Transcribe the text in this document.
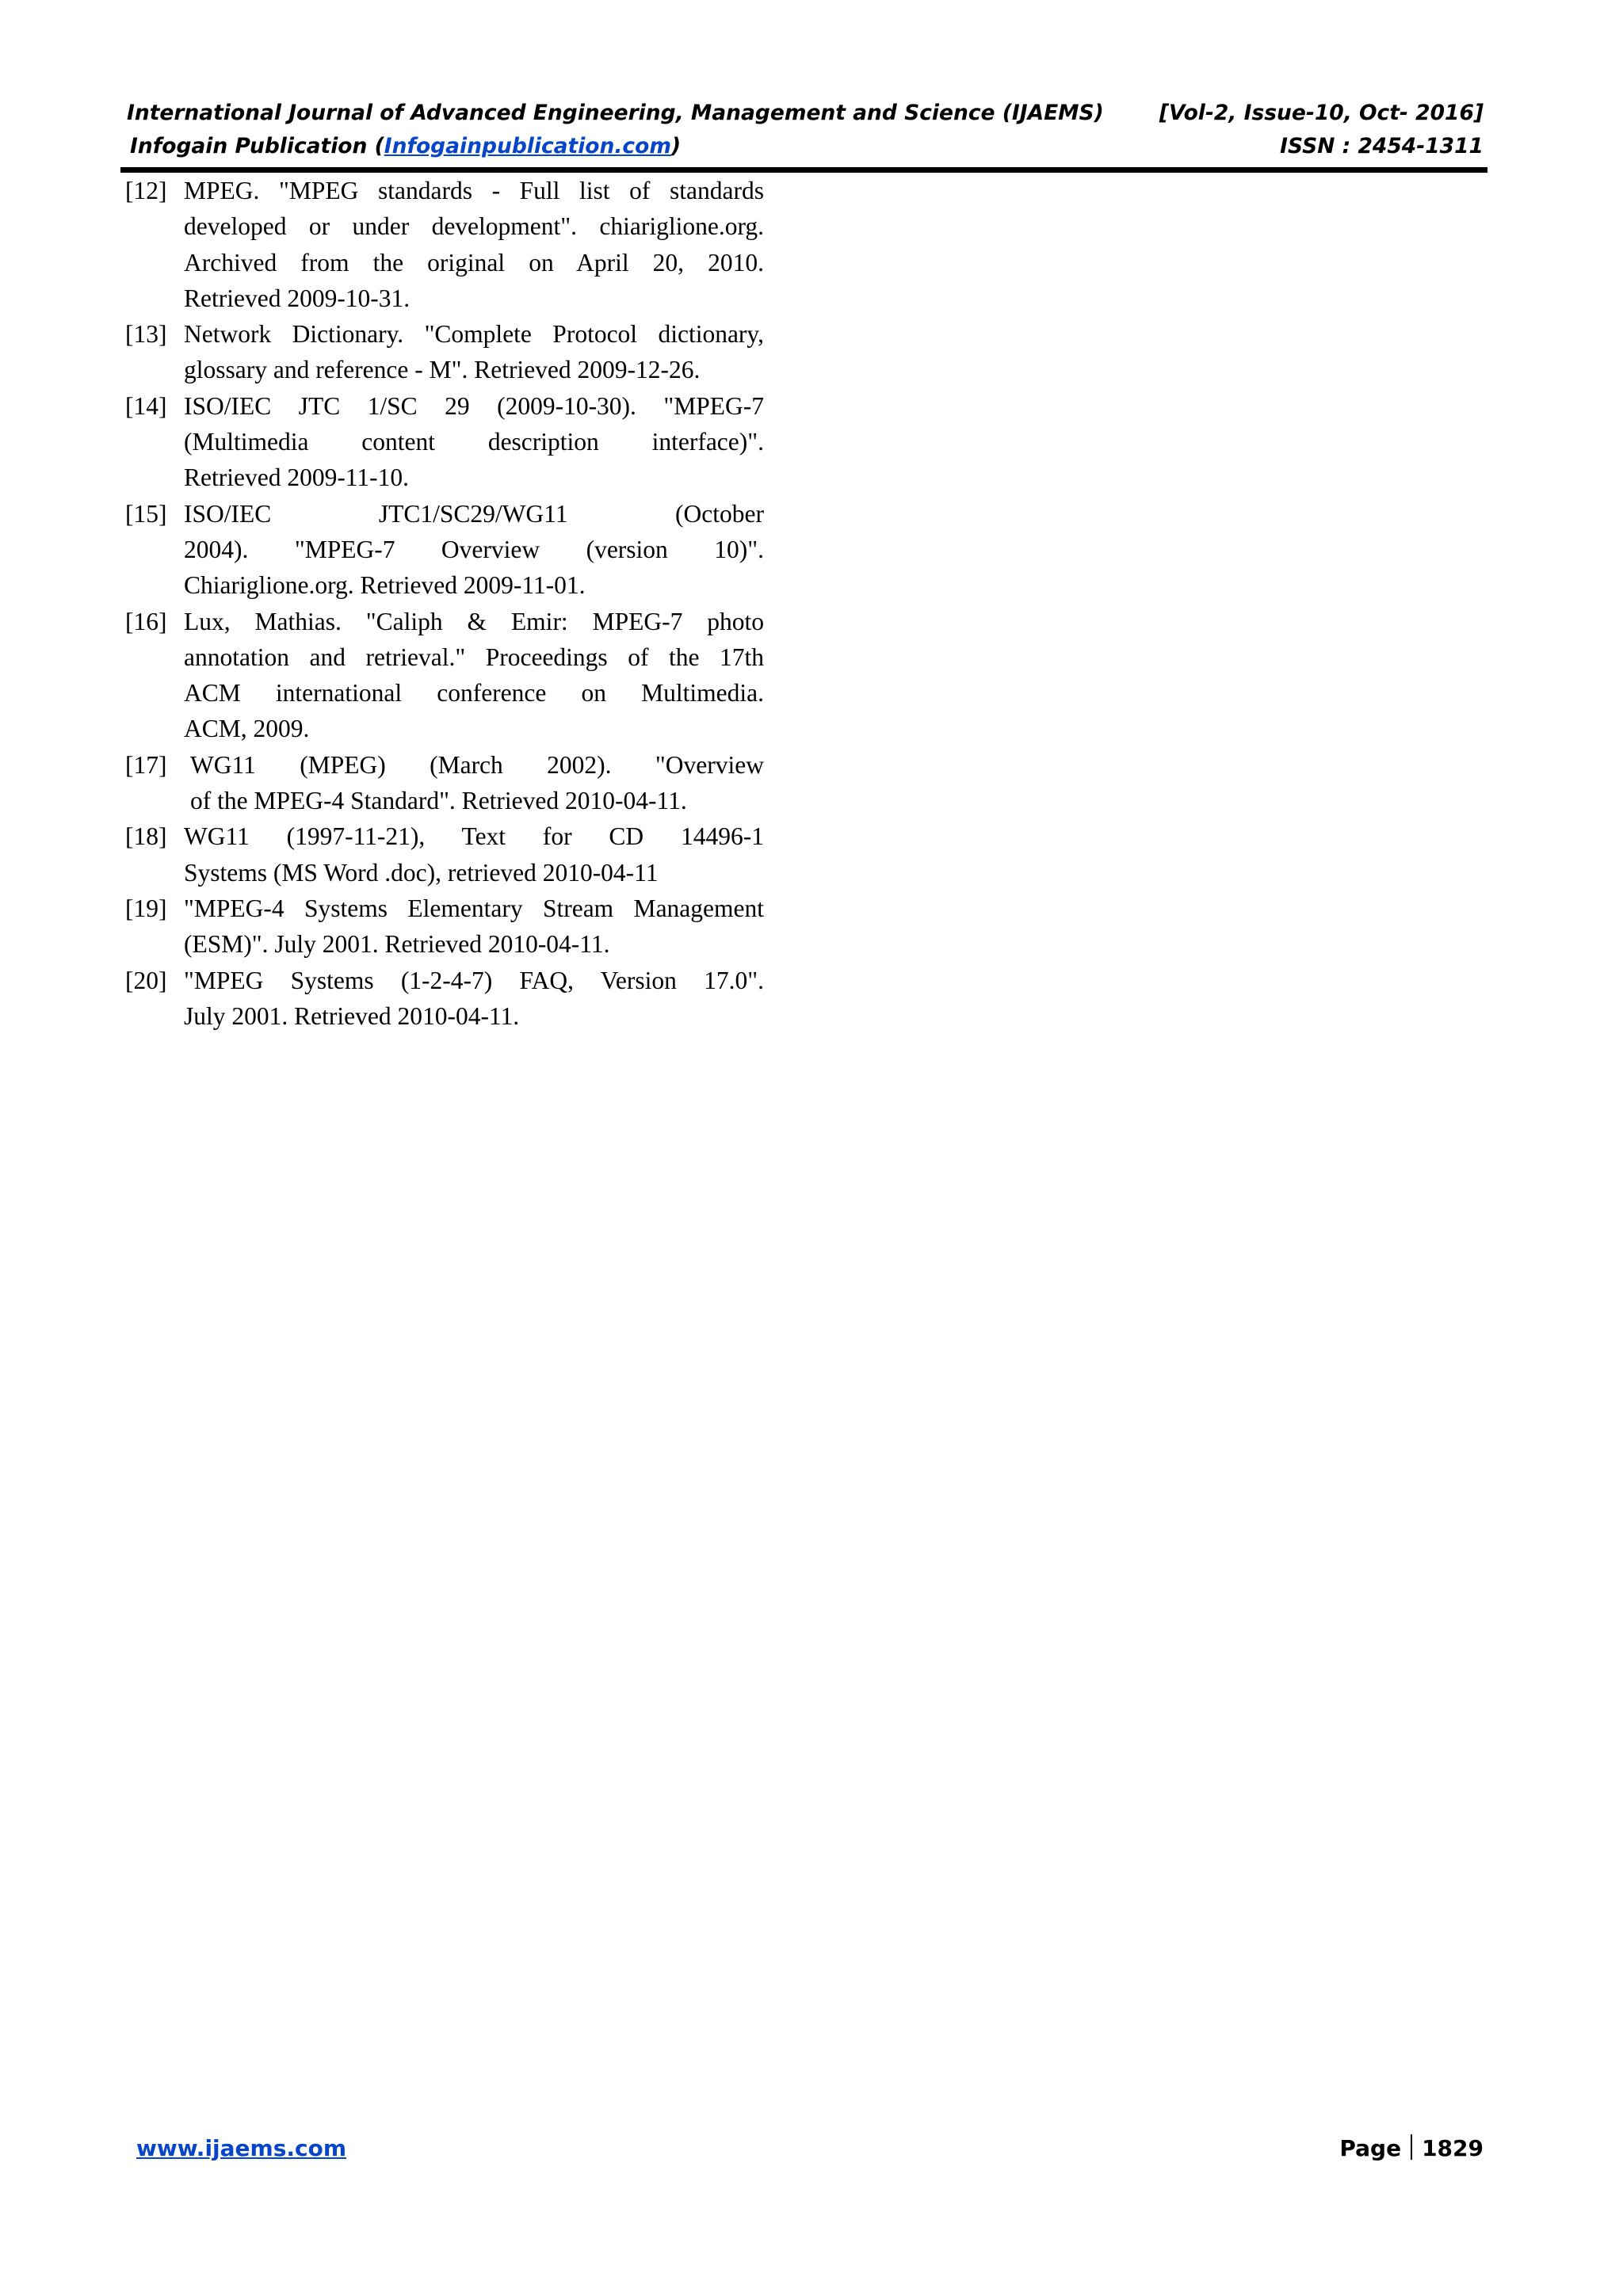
International Journal of Advanced Engineering, Management and Science (IJAEMS)	[Vol-2, Issue-10, Oct- 2016]
Infogain Publication (Infogainpublication.com)	ISSN : 2454-1311
[12] MPEG. "MPEG standards - Full list of standards
developed or under development". chiariglione.org.
Archived from the original on April 20, 2010.
Retrieved 2009-10-31.
[13] Network Dictionary. "Complete Protocol dictionary,
glossary and reference - M". Retrieved 2009-12-26.
[14] ISO/IEC JTC 1/SC 29 (2009-10-30). "MPEG-7
(Multimedia content description interface)".
Retrieved 2009-11-10.
[15] ISO/IEC JTC1/SC29/WG11 (October
2004). "MPEG-7 Overview (version 10)".
Chiariglione.org. Retrieved 2009-11-01.
[16] Lux, Mathias. "Caliph & Emir: MPEG-7 photo
annotation and retrieval." Proceedings of the 17th
ACM international conference on Multimedia.
ACM, 2009.
[17] WG11 (MPEG) (March 2002). "Overview
of the MPEG-4 Standard". Retrieved 2010-04-11.
[18] WG11 (1997-11-21), Text for CD 14496-1
Systems (MS Word .doc), retrieved 2010-04-11
[19] "MPEG-4 Systems Elementary Stream Management
(ESM)". July 2001. Retrieved 2010-04-11.
[20] "MPEG Systems (1-2-4-7) FAQ, Version 17.0".
July 2001. Retrieved 2010-04-11.
www.ijaems.com	Page 1829
